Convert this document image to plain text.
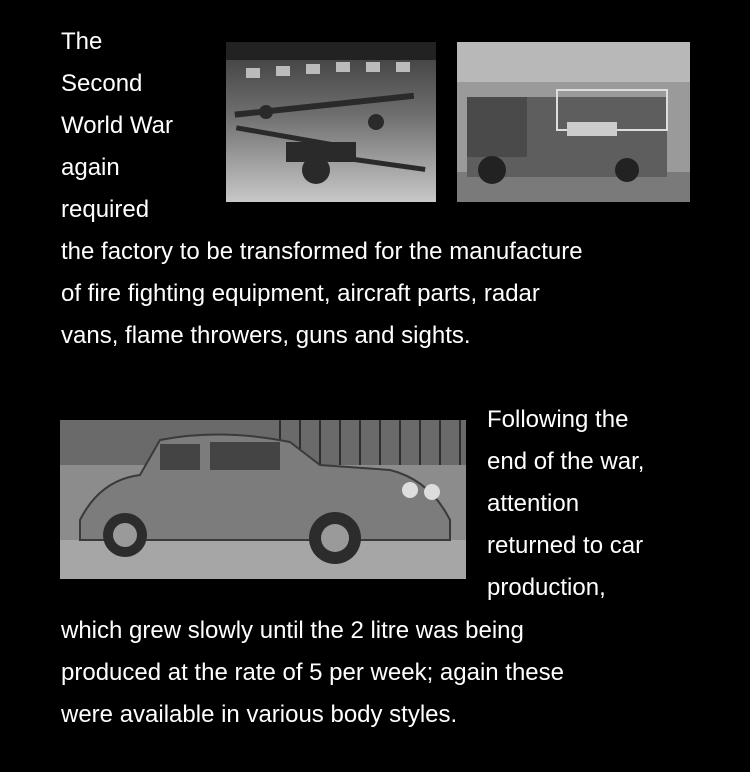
The
Second
World War
again
required
the factory to be transformed for the manufacture
of fire fighting equipment, aircraft parts, radar
vans, flame throwers, guns and sights.
Following the
end of the war,
attention
returned to car
production,
which grew slowly until the 2 litre was being
produced at the rate of 5 per week; again these
were available in various body styles.
